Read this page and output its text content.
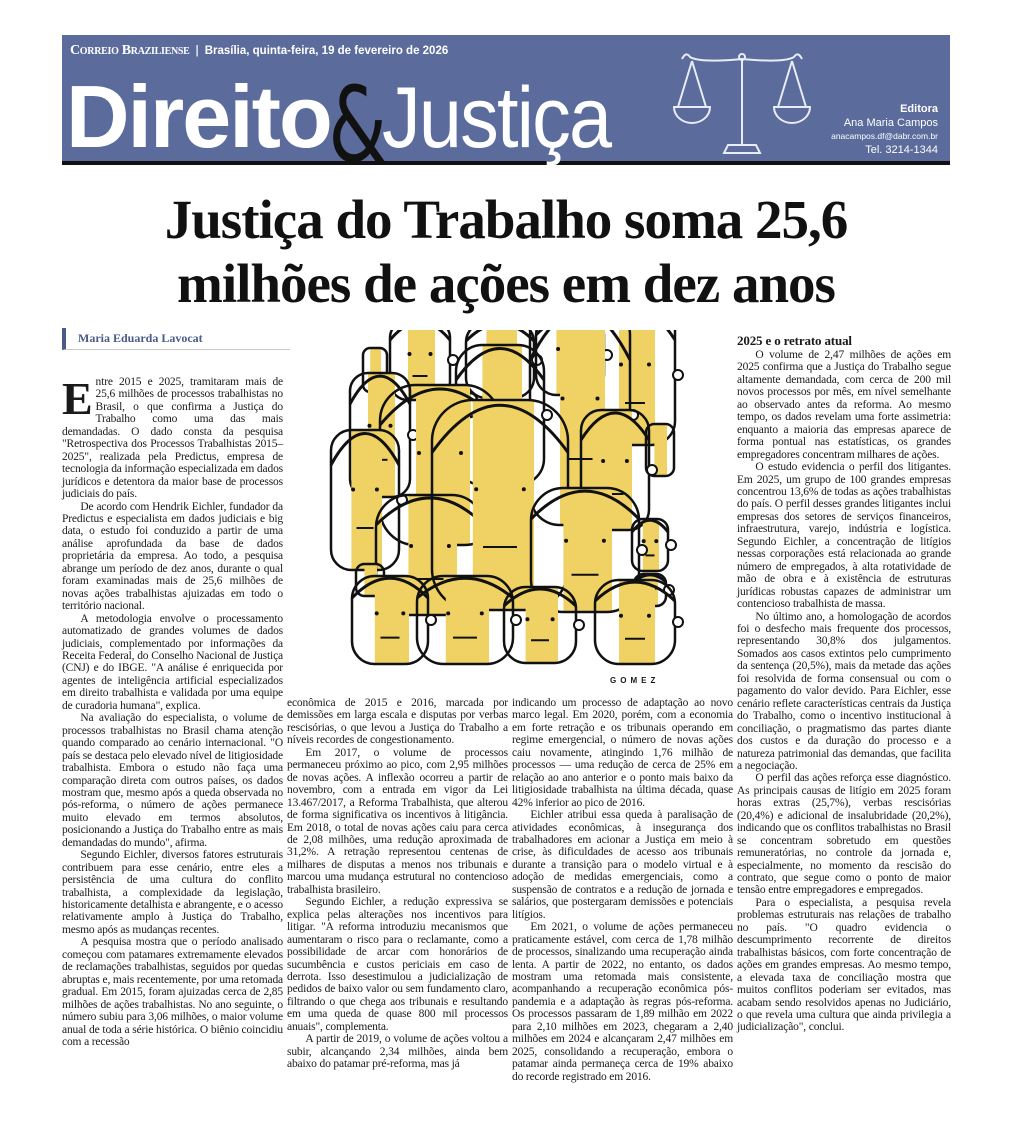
Correio Braziliense | Brasília, quinta-feira, 19 de fevereiro de 2026
Direito&Justiça	Editora
Ana Maria Campos
anacampos.df@dabr.com.br
Tel. 3214-1344
Justiça do Trabalho soma 25,6
milhões de ações em dez anos
Maria Eduarda Lavocat

Entre 2015 e 2025, tramitaram mais de 25,6 milhões de processos trabalhistas no Brasil, o que confirma a Justiça do Trabalho como uma das mais demandadas. O dado consta da pesquisa "Retrospectiva dos Processos Trabalhistas 2015–2025", realizada pela Predictus, empresa de tecnologia da informação especializada em dados jurídicos e detentora da maior base de processos judiciais do país.

De acordo com Hendrik Eichler, fundador da Predictus e especialista em dados judiciais e big data, o estudo foi conduzido a partir de uma análise aprofundada da base de dados proprietária da empresa. Ao todo, a pesquisa abrange um período de dez anos, durante o qual foram examinadas mais de 25,6 milhões de novas ações trabalhistas ajuizadas em todo o território nacional.

A metodologia envolve o processamento automatizado de grandes volumes de dados judiciais, complementado por informações da Receita Federal, do Conselho Nacional de Justiça (CNJ) e do IBGE. "A análise é enriquecida por agentes de inteligência artificial especializados em direito trabalhista e validada por uma equipe de curadoria humana", explica.

Na avaliação do especialista, o volume de processos trabalhistas no Brasil chama atenção quando comparado ao cenário internacional. "O país se destaca pelo elevado nível de litigiosidade trabalhista. Embora o estudo não faça uma comparação direta com outros países, os dados mostram que, mesmo após a queda observada no pós-reforma, o número de ações permanece muito elevado em termos absolutos, posicionando a Justiça do Trabalho entre as mais demandadas do mundo", afirma.

Segundo Eichler, diversos fatores estruturais contribuem para esse cenário, entre eles a persistência de uma cultura do conflito trabalhista, a complexidade da legislação, historicamente detalhista e abrangente, e o acesso relativamente amplo à Justiça do Trabalho, mesmo após as mudanças recentes.

A pesquisa mostra que o período analisado começou com patamares extremamente elevados de reclamações trabalhistas, seguidos por quedas abruptas e, mais recentemente, por uma retomada gradual. Em 2015, foram ajuizadas cerca de 2,85 milhões de ações trabalhistas. No ano seguinte, o número subiu para 3,06 milhões, o maior volume anual de toda a série histórica. O biênio coincidiu com a recessão

GOMEZ

econômica de 2015 e 2016, marcada por demissões em larga escala e disputas por verbas rescisórias, o que levou a Justiça do Trabalho a níveis recordes de congestionamento.

Em 2017, o volume de processos permaneceu próximo ao pico, com 2,95 milhões de novas ações. A inflexão ocorreu a partir de novembro, com a entrada em vigor da Lei 13.467/2017, a Reforma Trabalhista, que alterou de forma significativa os incentivos à litigância. Em 2018, o total de novas ações caiu para cerca de 2,08 milhões, uma redução aproximada de 31,2%. A retração representou centenas de milhares de disputas a menos nos tribunais e marcou uma mudança estrutural no contencioso trabalhista brasileiro.

Segundo Eichler, a redução expressiva se explica pelas alterações nos incentivos para litigar. "A reforma introduziu mecanismos que aumentaram o risco para o reclamante, como a possibilidade de arcar com honorários de sucumbência e custos periciais em caso de derrota. Isso desestimulou a judicialização de pedidos de baixo valor ou sem fundamento claro, filtrando o que chega aos tribunais e resultando em uma queda de quase 800 mil processos anuais", complementa.

A partir de 2019, o volume de ações voltou a subir, alcançando 2,34 milhões, ainda bem abaixo do patamar pré-reforma, mas já

indicando um processo de adaptação ao novo marco legal. Em 2020, porém, com a economia em forte retração e os tribunais operando em regime emergencial, o número de novas ações caiu novamente, atingindo 1,76 milhão de processos — uma redução de cerca de 25% em relação ao ano anterior e o ponto mais baixo da litigiosidade trabalhista na última década, quase 42% inferior ao pico de 2016.

Eichler atribui essa queda à paralisação de atividades econômicas, à insegurança dos trabalhadores em acionar a Justiça em meio à crise, às dificuldades de acesso aos tribunais durante a transição para o modelo virtual e à adoção de medidas emergenciais, como a suspensão de contratos e a redução de jornada e salários, que postergaram demissões e potenciais litígios.

Em 2021, o volume de ações permaneceu praticamente estável, com cerca de 1,78 milhão de processos, sinalizando uma recuperação ainda lenta. A partir de 2022, no entanto, os dados mostram uma retomada mais consistente, acompanhando a recuperação econômica pós-pandemia e a adaptação às regras pós-reforma. Os processos passaram de 1,89 milhão em 2022 para 2,10 milhões em 2023, chegaram a 2,40 milhões em 2024 e alcançaram 2,47 milhões em 2025, consolidando a recuperação, embora o patamar ainda permaneça cerca de 19% abaixo do recorde registrado em 2016.

2025 e o retrato atual

O volume de 2,47 milhões de ações em 2025 confirma que a Justiça do Trabalho segue altamente demandada, com cerca de 200 mil novos processos por mês, em nível semelhante ao observado antes da reforma. Ao mesmo tempo, os dados revelam uma forte assimetria: enquanto a maioria das empresas aparece de forma pontual nas estatísticas, os grandes empregadores concentram milhares de ações.

O estudo evidencia o perfil dos litigantes. Em 2025, um grupo de 100 grandes empresas concentrou 13,6% de todas as ações trabalhistas do país. O perfil desses grandes litigantes inclui empresas dos setores de serviços financeiros, infraestrutura, varejo, indústria e logística. Segundo Eichler, a concentração de litígios nessas corporações está relacionada ao grande número de empregados, à alta rotatividade de mão de obra e à existência de estruturas jurídicas robustas capazes de administrar um contencioso trabalhista de massa.

No último ano, a homologação de acordos foi o desfecho mais frequente dos processos, representando 30,8% dos julgamentos. Somados aos casos extintos pelo cumprimento da sentença (20,5%), mais da metade das ações foi resolvida de forma consensual ou com o pagamento do valor devido. Para Eichler, esse cenário reflete características centrais da Justiça do Trabalho, como o incentivo institucional à conciliação, o pragmatismo das partes diante dos custos e da duração do processo e a natureza patrimonial das demandas, que facilita a negociação.

O perfil das ações reforça esse diagnóstico. As principais causas de litígio em 2025 foram horas extras (25,7%), verbas rescisórias (20,4%) e adicional de insalubridade (20,2%), indicando que os conflitos trabalhistas no Brasil se concentram sobretudo em questões remuneratórias, no controle da jornada e, especialmente, no momento da rescisão do contrato, que segue como o ponto de maior tensão entre empregadores e empregados.

Para o especialista, a pesquisa revela problemas estruturais nas relações de trabalho no país. "O quadro evidencia o descumprimento recorrente de direitos trabalhistas básicos, com forte concentração de ações em grandes empresas. Ao mesmo tempo, a elevada taxa de conciliação mostra que muitos conflitos poderiam ser evitados, mas acabam sendo resolvidos apenas no Judiciário, o que revela uma cultura que ainda privilegia a judicialização", conclui.
